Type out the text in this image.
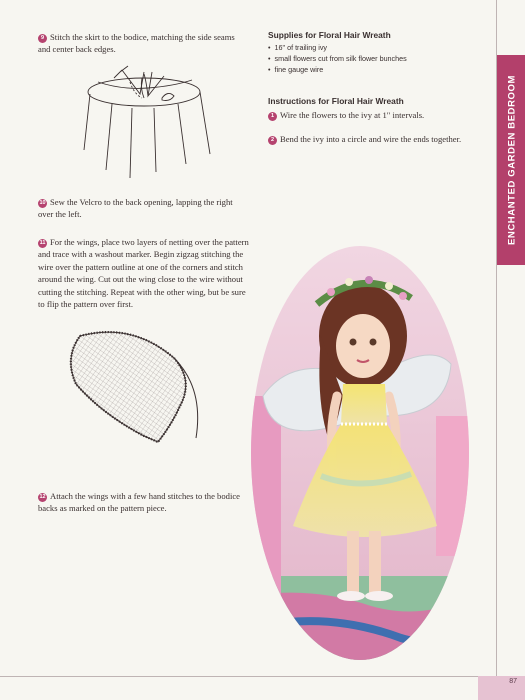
9 Stitch the skirt to the bodice, matching the side seams and center back edges.
10 Sew the Velcro to the back opening, lapping the right over the left.
11 For the wings, place two layers of netting over the pattern and trace with a washout marker. Begin zigzag stitching the wire over the pattern outline at one of the corners and stitch around the wing. Cut out the wing close to the wire without cutting the stitching. Repeat with the other wing, but be sure to flip the pattern over first.
12 Attach the wings with a few hand stitches to the bodice backs as marked on the pattern piece.
Supplies for Floral Hair Wreath
• 16" of trailing ivy
• small flowers cut from silk flower bunches
• fine gauge wire
Instructions for Floral Hair Wreath
1 Wire the flowers to the ivy at 1" intervals.
2 Bend the ivy into a circle and wire the ends together.	ENCHANTED GARDEN BEDROOM
87
